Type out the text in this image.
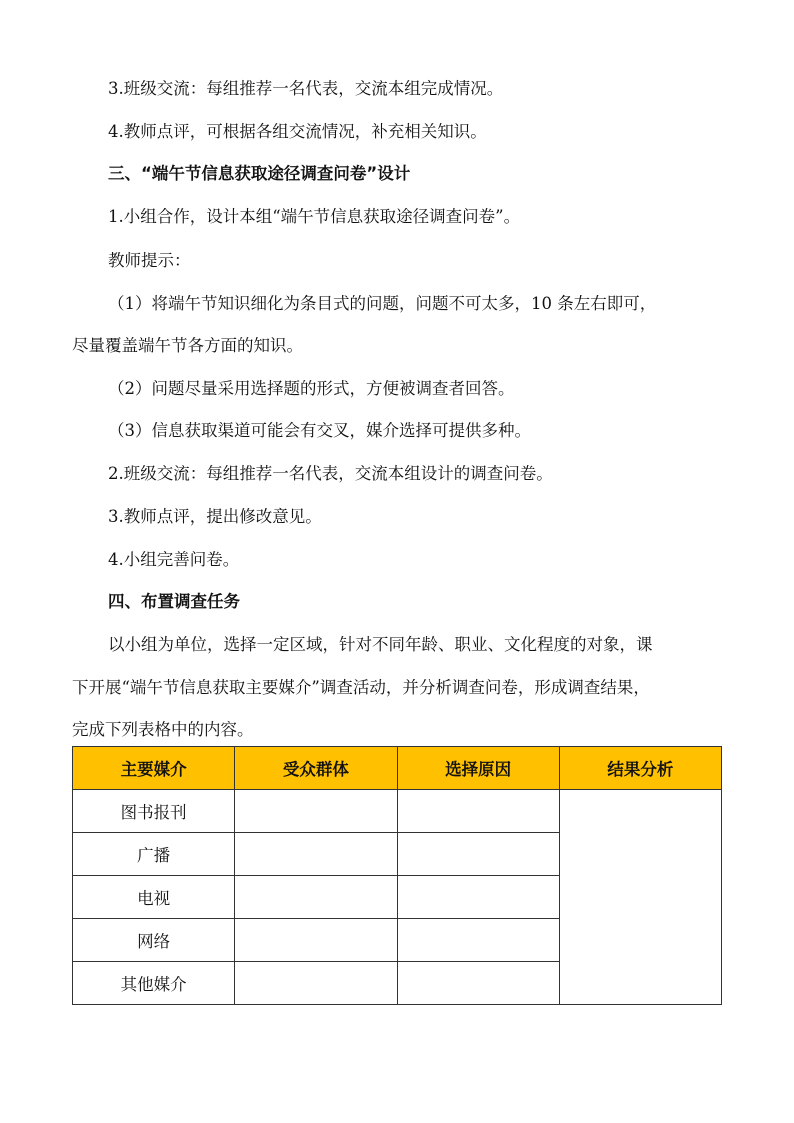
3.班级交流：每组推荐一名代表，交流本组完成情况。
4.教师点评，可根据各组交流情况，补充相关知识。
三、“端午节信息获取途径调查问卷”设计
1.小组合作，设计本组“端午节信息获取途径调查问卷”。
教师提示：
（1）将端午节知识细化为条目式的问题，问题不可太多，10 条左右即可，
尽量覆盖端午节各方面的知识。
（2）问题尽量采用选择题的形式，方便被调查者回答。
（3）信息获取渠道可能会有交叉，媒介选择可提供多种。
2.班级交流：每组推荐一名代表，交流本组设计的调查问卷。
3.教师点评，提出修改意见。
4.小组完善问卷。
四、布置调查任务
以小组为单位，选择一定区域，针对不同年龄、职业、文化程度的对象，课
下开展“端午节信息获取主要媒介”调查活动，并分析调查问卷，形成调查结果，
完成下列表格中的内容。
主要媒介	受众群体	选择原因	结果分析
图书报刊			
广播			
电视			
网络			
其他媒介			
